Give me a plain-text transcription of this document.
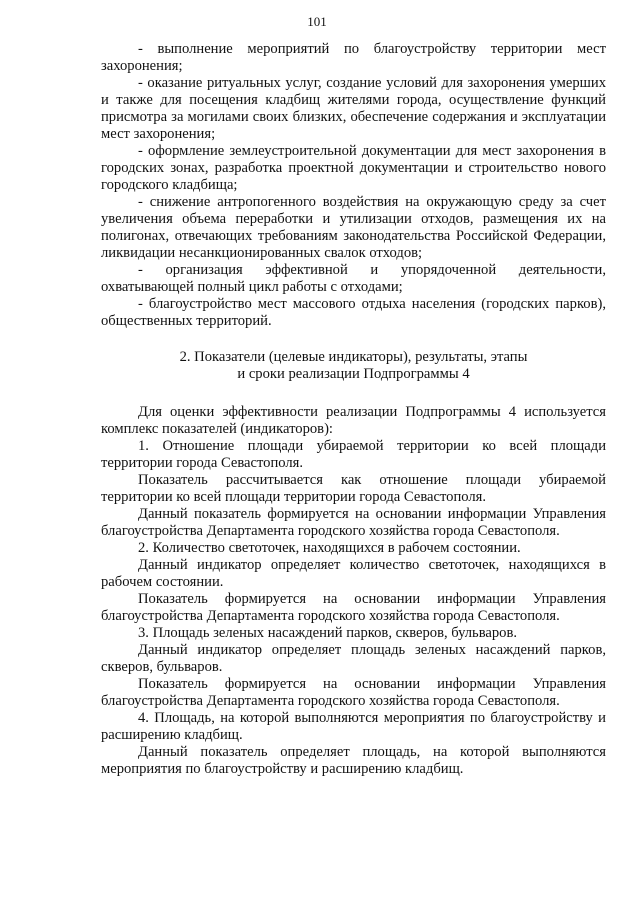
101

- выполнение мероприятий по благоустройству территории мест захоронения;

- оказание ритуальных услуг, создание условий для захоронения умерших и также для посещения кладбищ жителями города, осуществление функций присмотра за могилами своих близких, обеспечение содержания и эксплуатации мест захоронения;

- оформление землеустроительной документации для мест захоронения в городских зонах, разработка проектной документации и строительство нового городского кладбища;

- снижение антропогенного воздействия на окружающую среду за счет увеличения объема переработки и утилизации отходов, размещения их на полигонах, отвечающих требованиям законодательства Российской Федерации, ликвидации несанкционированных свалок отходов;

- организация эффективной и упорядоченной деятельности, охватывающей полный цикл работы с отходами;

- благоустройство мест массового отдыха населения (городских парков), общественных территорий.

2. Показатели (целевые индикаторы), результаты, этапы
и сроки реализации Подпрограммы 4

Для оценки эффективности реализации Подпрограммы 4 используется комплекс показателей (индикаторов):

1. Отношение площади убираемой территории ко всей площади территории города Севастополя.

Показатель рассчитывается как отношение площади убираемой территории ко всей площади территории города Севастополя.

Данный показатель формируется на основании информации Управления благоустройства Департамента городского хозяйства города Севастополя.

2. Количество светоточек, находящихся в рабочем состоянии.

Данный индикатор определяет количество светоточек, находящихся в рабочем состоянии.

Показатель формируется на основании информации Управления благоустройства Департамента городского хозяйства города Севастополя.

3. Площадь зеленых насаждений парков, скверов, бульваров.

Данный индикатор определяет площадь зеленых насаждений парков, скверов, бульваров.

Показатель формируется на основании информации Управления благоустройства Департамента городского хозяйства города Севастополя.

4. Площадь, на которой выполняются мероприятия по благоустройству и расширению кладбищ.

Данный показатель определяет площадь, на которой выполняются мероприятия по благоустройству и расширению кладбищ.
